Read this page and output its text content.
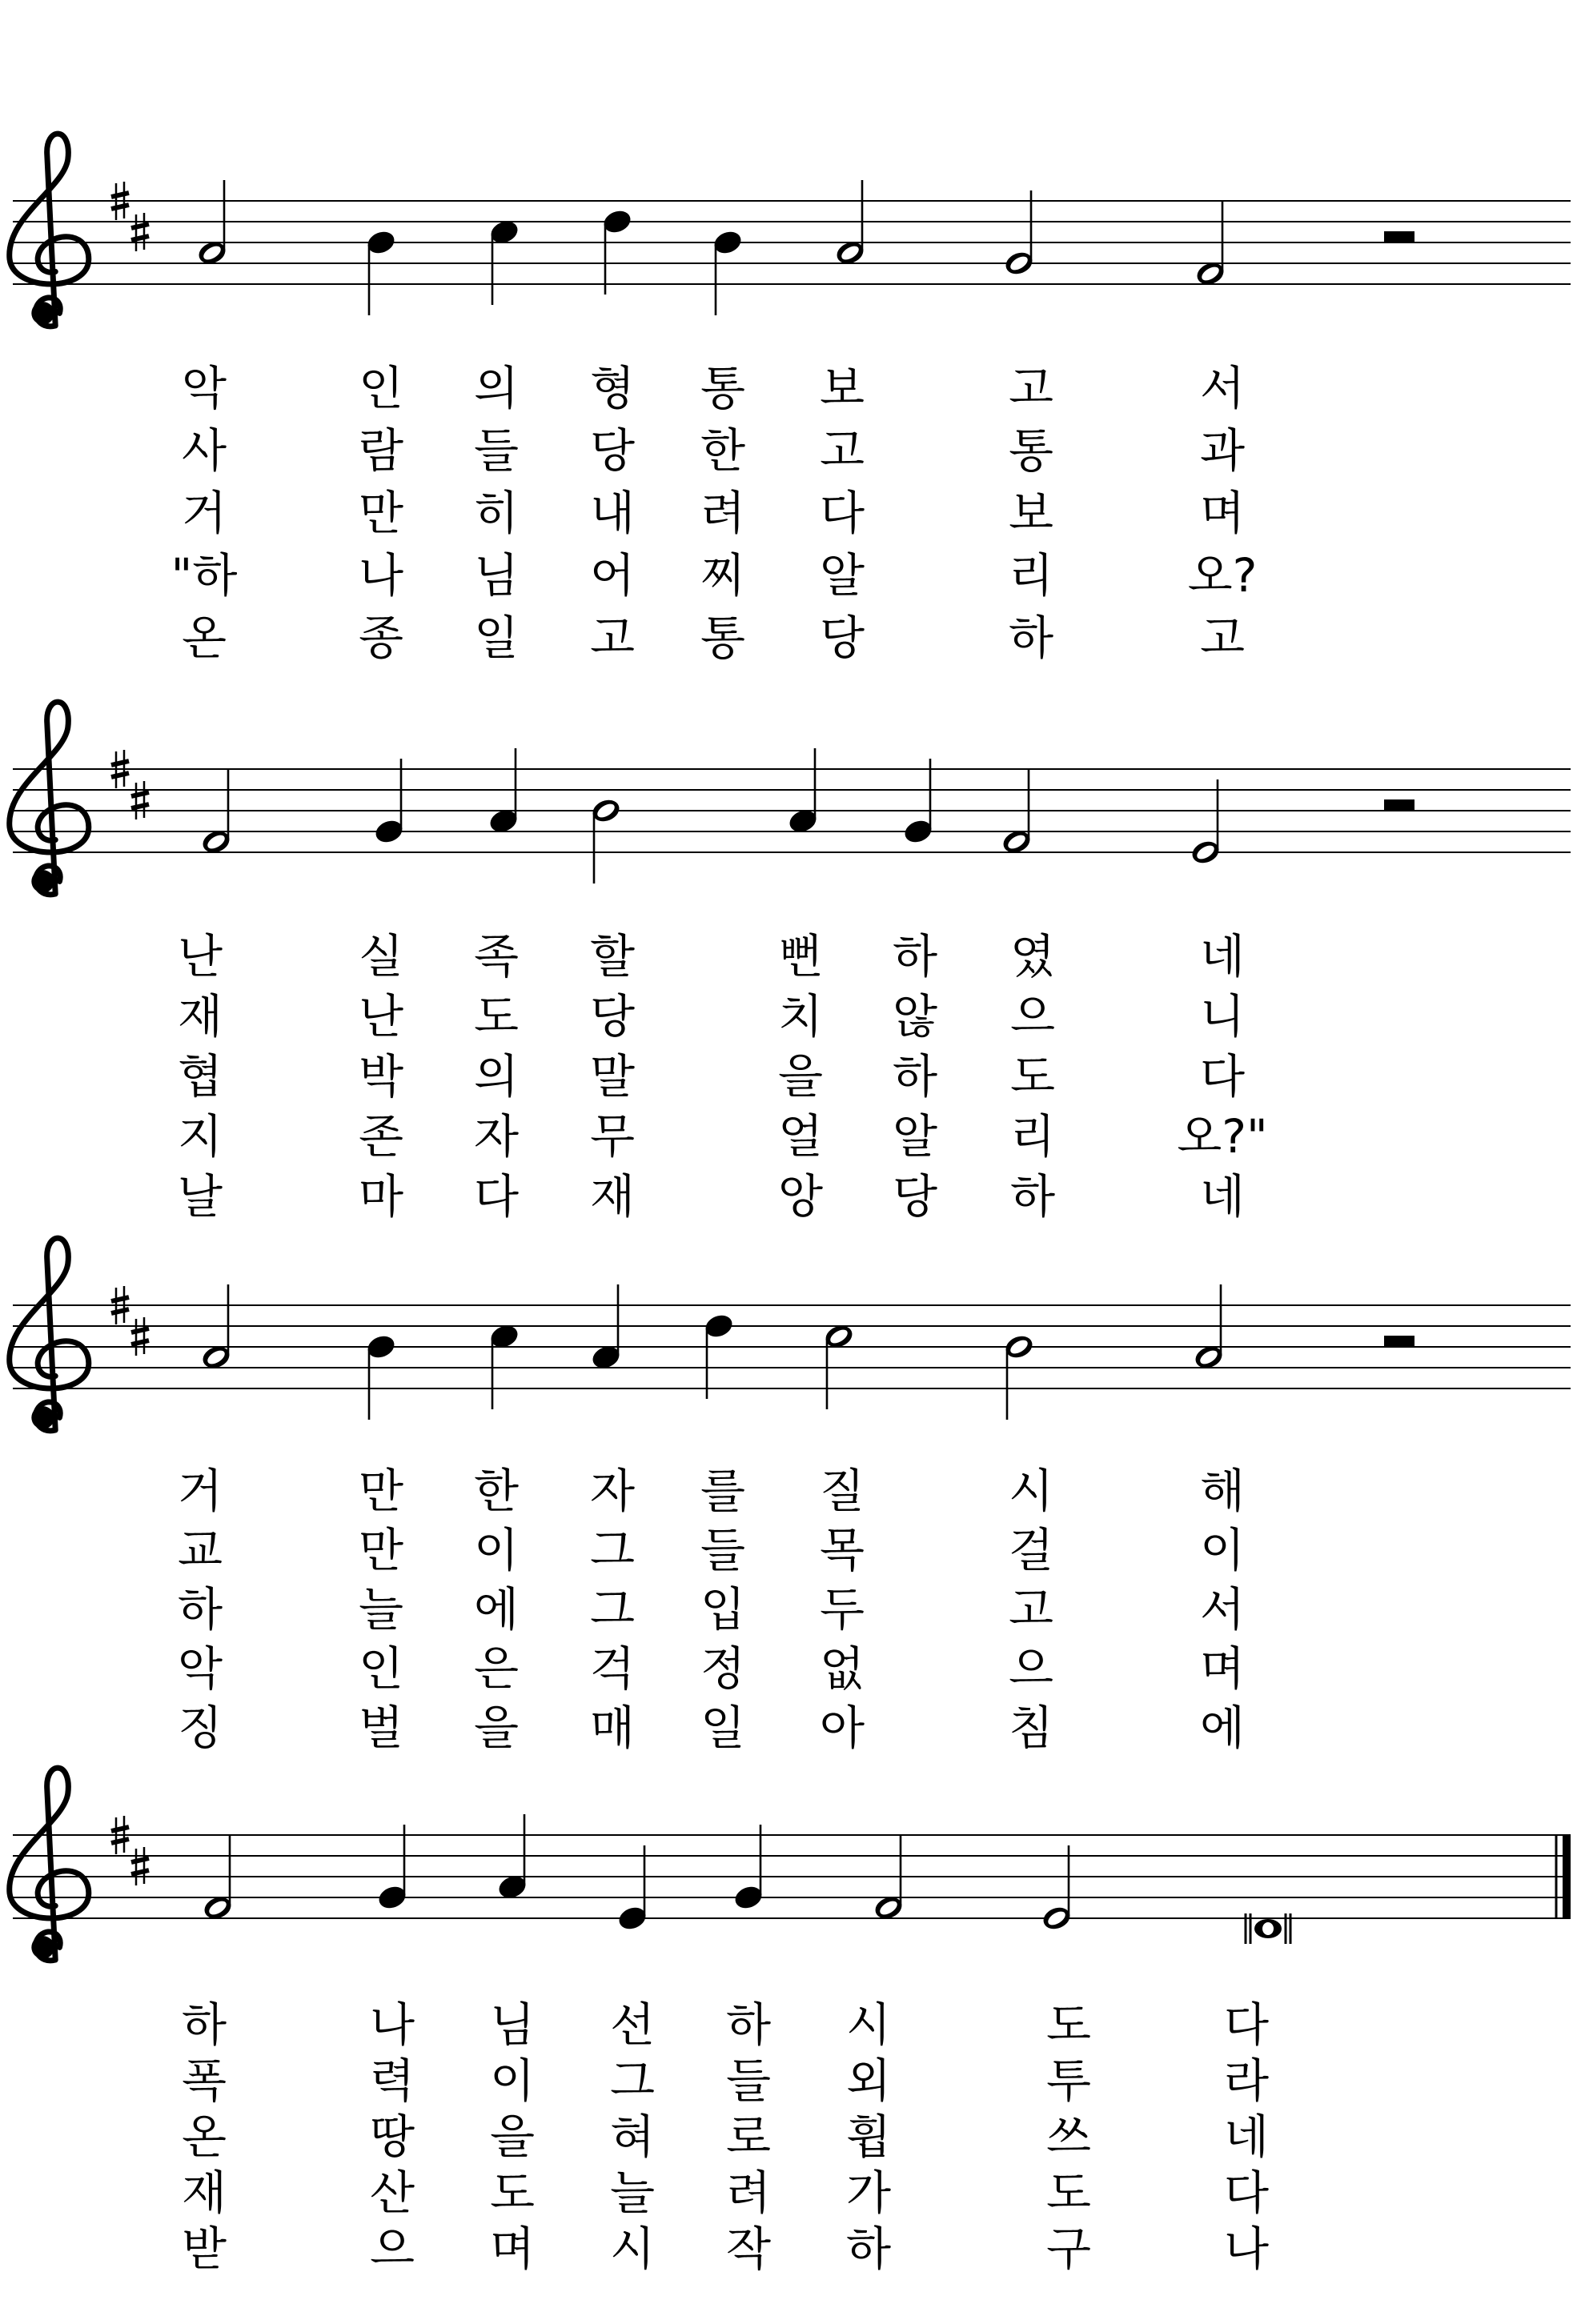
악	인 의 형 통 보	고	서
사	람 들 당 한 고	통	과
거	만 히 내 려 다	보	며
"하	나 님 어 찌 알	리	오?
온	종 일 고 통 당	하	고
난	실 족 할	뻔 하 였	네
재	난 도 당	치 않 으	니
협	박 의 말	을 하 도	다
지	존 자 무	얼 알 리	오?"
날	마 다 재	앙 당 하	네
거	만 한 자 를 질	시	해
교	만 이 그 들 목	걸	이
하	늘 에 그 입 두	고	서
악	인 은 걱 정 없	으	며
징	벌 을 매 일 아	침	에
하	나 님 선 하 시	도	다
폭	력 이 그 들 외	투	라
온	땅 을 혀 로 휩	쓰	네
재	산 도 늘 려 가	도	다
받	으 며 시 작 하	구	나
